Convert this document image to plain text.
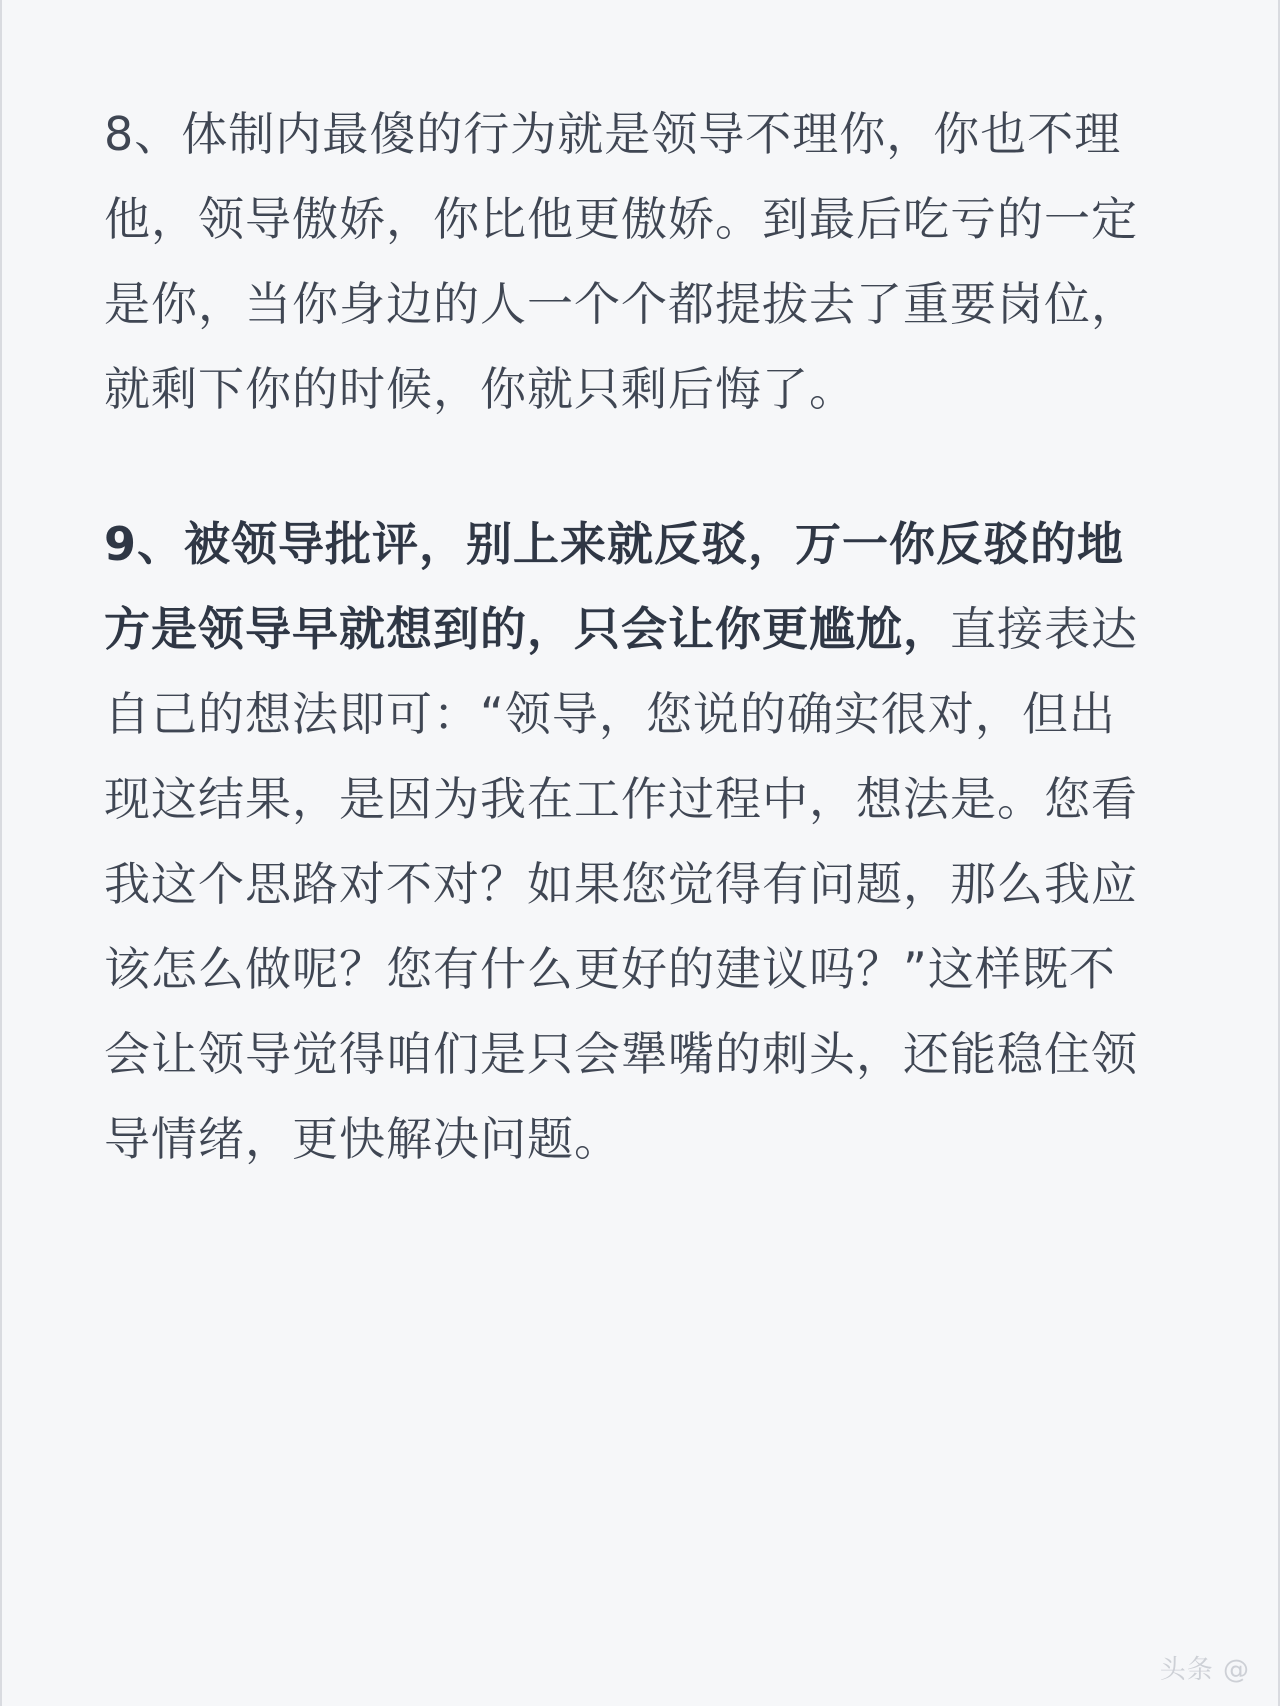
8、体制内最傻的行为就是领导不理你，你也不理他，领导傲娇，你比他更傲娇。到最后吃亏的一定是你，当你身边的人一个个都提拔去了重要岗位，就剩下你的时候，你就只剩后悔了。

9、被领导批评，别上来就反驳，万一你反驳的地方是领导早就想到的，只会让你更尴尬，直接表达自己的想法即可：“领导，您说的确实很对，但出现这结果，是因为我在工作过程中，想法是。您看我这个思路对不对？如果您觉得有问题，那么我应该怎么做呢？您有什么更好的建议吗？”这样既不会让领导觉得咱们是只会犟嘴的刺头，还能稳住领导情绪，更快解决问题。

头条 @
